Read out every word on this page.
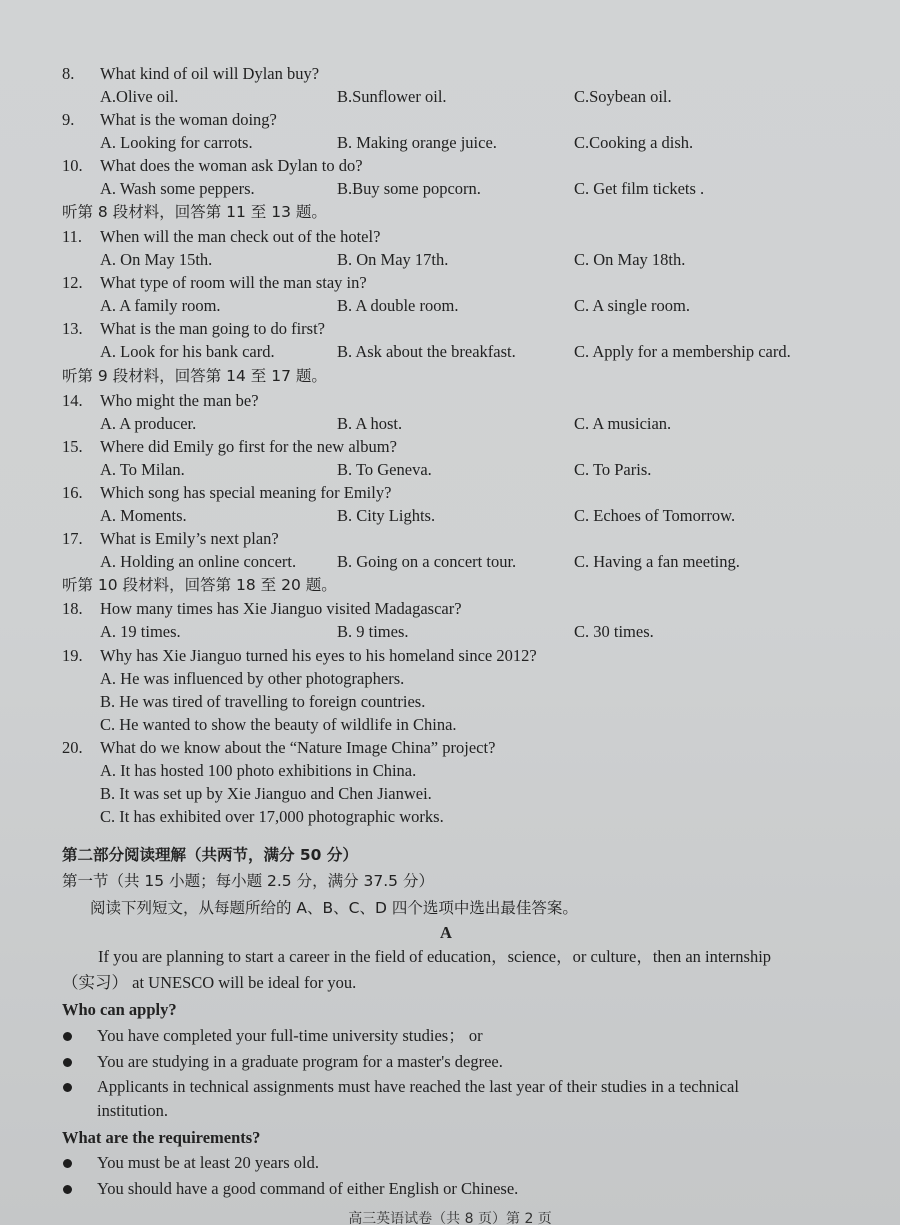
8. What kind of oil will Dylan buy?
A.Olive oil.	B.Sunflower oil.	C.Soybean oil.
9. What is the woman doing?
A. Looking for carrots.	B. Making orange juice.	C.Cooking a dish.
10. What does the woman ask Dylan to do?
A. Wash some peppers.	B.Buy some popcorn.	C. Get film tickets .
听第 8 段材料，回答第 11 至 13 题。
11. When will the man check out of the hotel?
A. On May 15th.	B. On May 17th.	C. On May 18th.
12. What type of room will the man stay in?
A. A family room.	B. A double room.	C. A single room.
13. What is the man going to do first?
A. Look for his bank card.	B. Ask about the breakfast.	C. Apply for a membership card.
听第 9 段材料，回答第 14 至 17 题。
14. Who might the man be?
A. A producer.	B. A host.	C. A musician.
15. Where did Emily go first for the new album?
A. To Milan.	B. To Geneva.	C. To Paris.
16. Which song has special meaning for Emily?
A. Moments.	B. City Lights.	C. Echoes of Tomorrow.
17. What is Emily’s next plan?
A. Holding an online concert. B. Going on a concert tour.	C. Having a fan meeting.
听第 10 段材料，回答第 18 至 20 题。
18. How many times has Xie Jianguo visited Madagascar?
A. 19 times.	B. 9 times.	C. 30 times.
19. Why has Xie Jianguo turned his eyes to his homeland since 2012?
A. He was influenced by other photographers.
B. He was tired of travelling to foreign countries.
C. He wanted to show the beauty of wildlife in China.
20. What do we know about the “Nature Image China” project?
A. It has hosted 100 photo exhibitions in China.
B. It was set up by Xie Jianguo and Chen Jianwei.
C. It has exhibited over 17,000 photographic works.
第二部分阅读理解（共两节，满分 50 分）
第一节（共 15 小题；每小题 2.5 分，满分 37.5 分）
阅读下列短文，从每题所给的 A、B、C、D 四个选项中选出最佳答案。
A
If you are planning to start a career in the field of education，science，or culture，then an internship
（实习） at UNESCO will be ideal for you.
Who can apply?
You have completed your full-time university studies； or
You are studying in a graduate program for a master's degree.
Applicants in technical assignments must have reached the last year of their studies in a technical
institution.
What are the requirements?
You must be at least 20 years old.
You should have a good command of either English or Chinese.
高三英语试卷（共 8 页）第 2 页
